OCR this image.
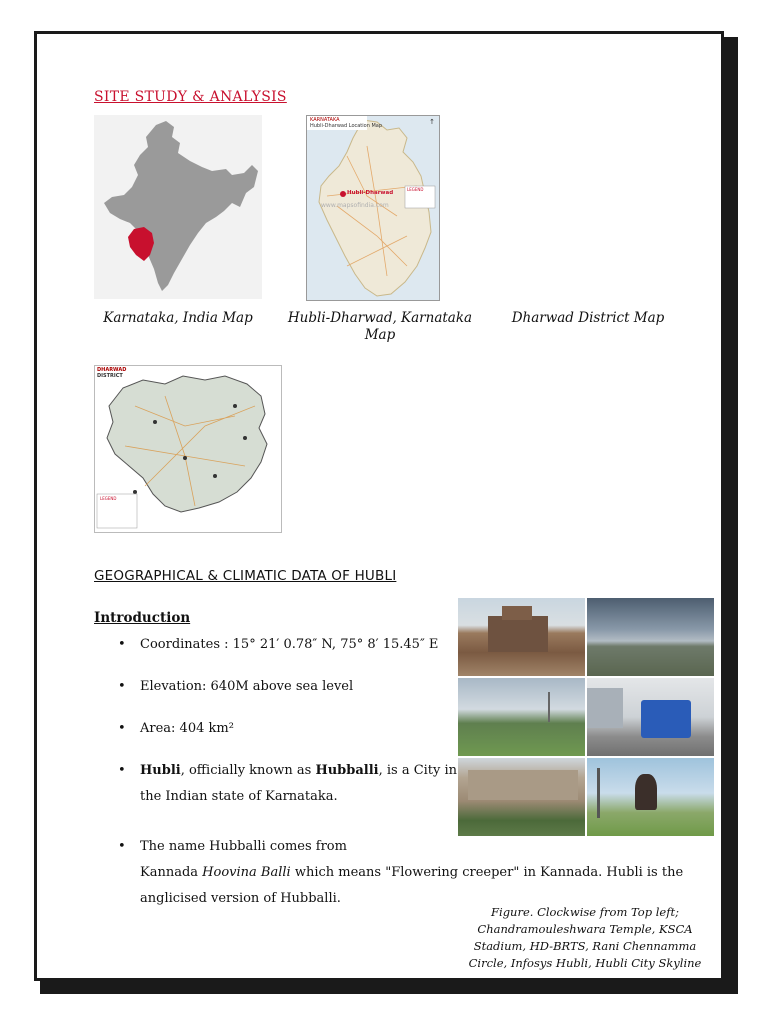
SITE STUDY & ANALYSIS
KARNATAKA
Hubli-Dharwad Location Map
Hubli-Dharwad
LEGEND
www.mapsofindia.com
↑
Karnataka, India Map	Hubli-Dharwad, Karnataka Map
Dharwad District Map
DHARWAD
DISTRICT
LEGEND
GEOGRAPHICAL & CLIMATIC DATA OF HUBLI
Introduction
• Coordinates : 15° 21′ 0.78″ N, 75° 8′ 15.45″ E
• Elevation: 640M above sea level
• Area: 404 km²
• Hubli, officially known as Hubballi, is a City in
the Indian state of Karnataka.
• The name Hubballi comes from
Kannada Hoovina Balli which means "Flowering creeper" in Kannada. Hubli is the
anglicised version of Hubballi.
Figure. Clockwise from Top left;
Chandramouleshwara Temple, KSCA
Stadium, HD-BRTS, Rani Chennamma
Circle, Infosys Hubli, Hubli City Skyline
